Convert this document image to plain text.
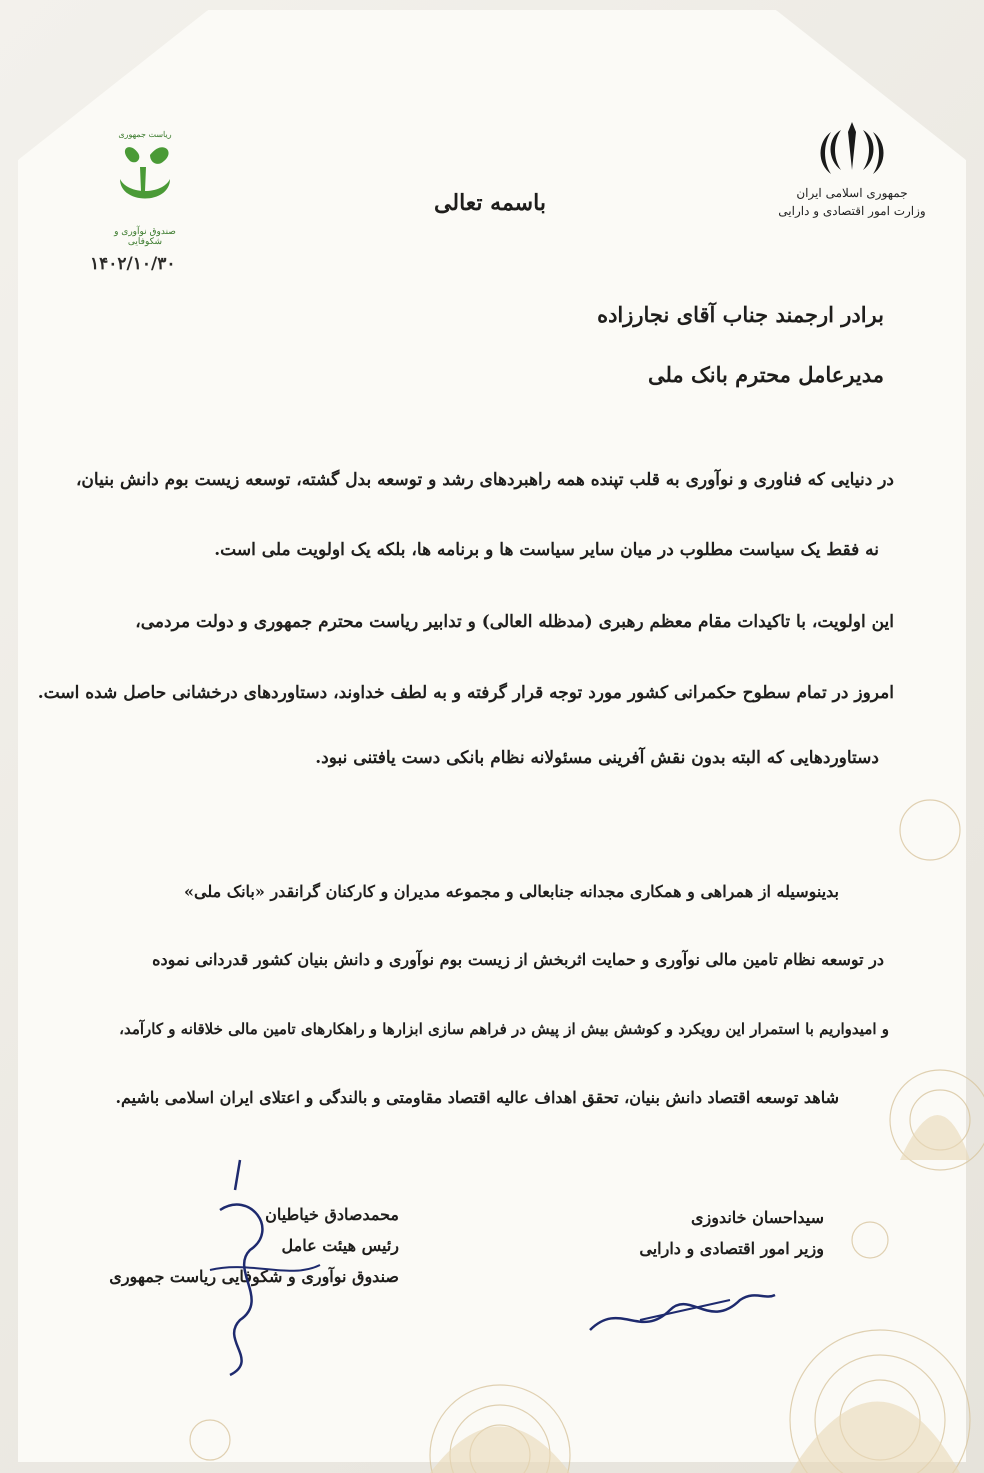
جمهوری اسلامی ایران
وزارت امور اقتصادی و دارایی
ریاست جمهوری
صندوق نوآوری و شکوفایی
۱۴۰۲/۱۰/۳۰
باسمه تعالی
برادر ارجمند جناب آقای نجارزاده
مدیرعامل محترم بانک ملی
در دنیایی که فناوری و نوآوری به قلب تپنده همه راهبردهای رشد و توسعه بدل گشته، توسعه زیست بوم دانش بنیان،
نه فقط یک سیاست مطلوب در میان سایر سیاست ها و برنامه ها، بلکه یک اولویت ملی است.
این اولویت، با تاکیدات مقام معظم رهبری (مدظله العالی) و تدابیر ریاست محترم جمهوری و دولت مردمی،
امروز در تمام سطوح حکمرانی کشور مورد توجه قرار گرفته و به لطف خداوند، دستاوردهای درخشانی حاصل شده است.
دستاوردهایی که البته بدون نقش آفرینی مسئولانه نظام بانکی دست یافتنی نبود.
بدینوسیله از همراهی و همکاری مجدانه جنابعالی و مجموعه مدیران و کارکنان گرانقدر «بانک ملی»
در توسعه نظام تامین مالی نوآوری و حمایت اثربخش از زیست بوم نوآوری و دانش بنیان کشور قدردانی نموده
و امیدواریم با استمرار این رویکرد و کوشش بیش از پیش در فراهم سازی ابزارها و راهکارهای تامین مالی خلاقانه و کارآمد،
شاهد توسعه اقتصاد دانش بنیان، تحقق اهداف عالیه اقتصاد مقاومتی و بالندگی و اعتلای ایران اسلامی باشیم.
سیداحسان خاندوزی
وزیر امور اقتصادی و دارایی
محمدصادق خیاطیان
رئیس هیئت عامل
صندوق نوآوری و شکوفایی ریاست جمهوری
